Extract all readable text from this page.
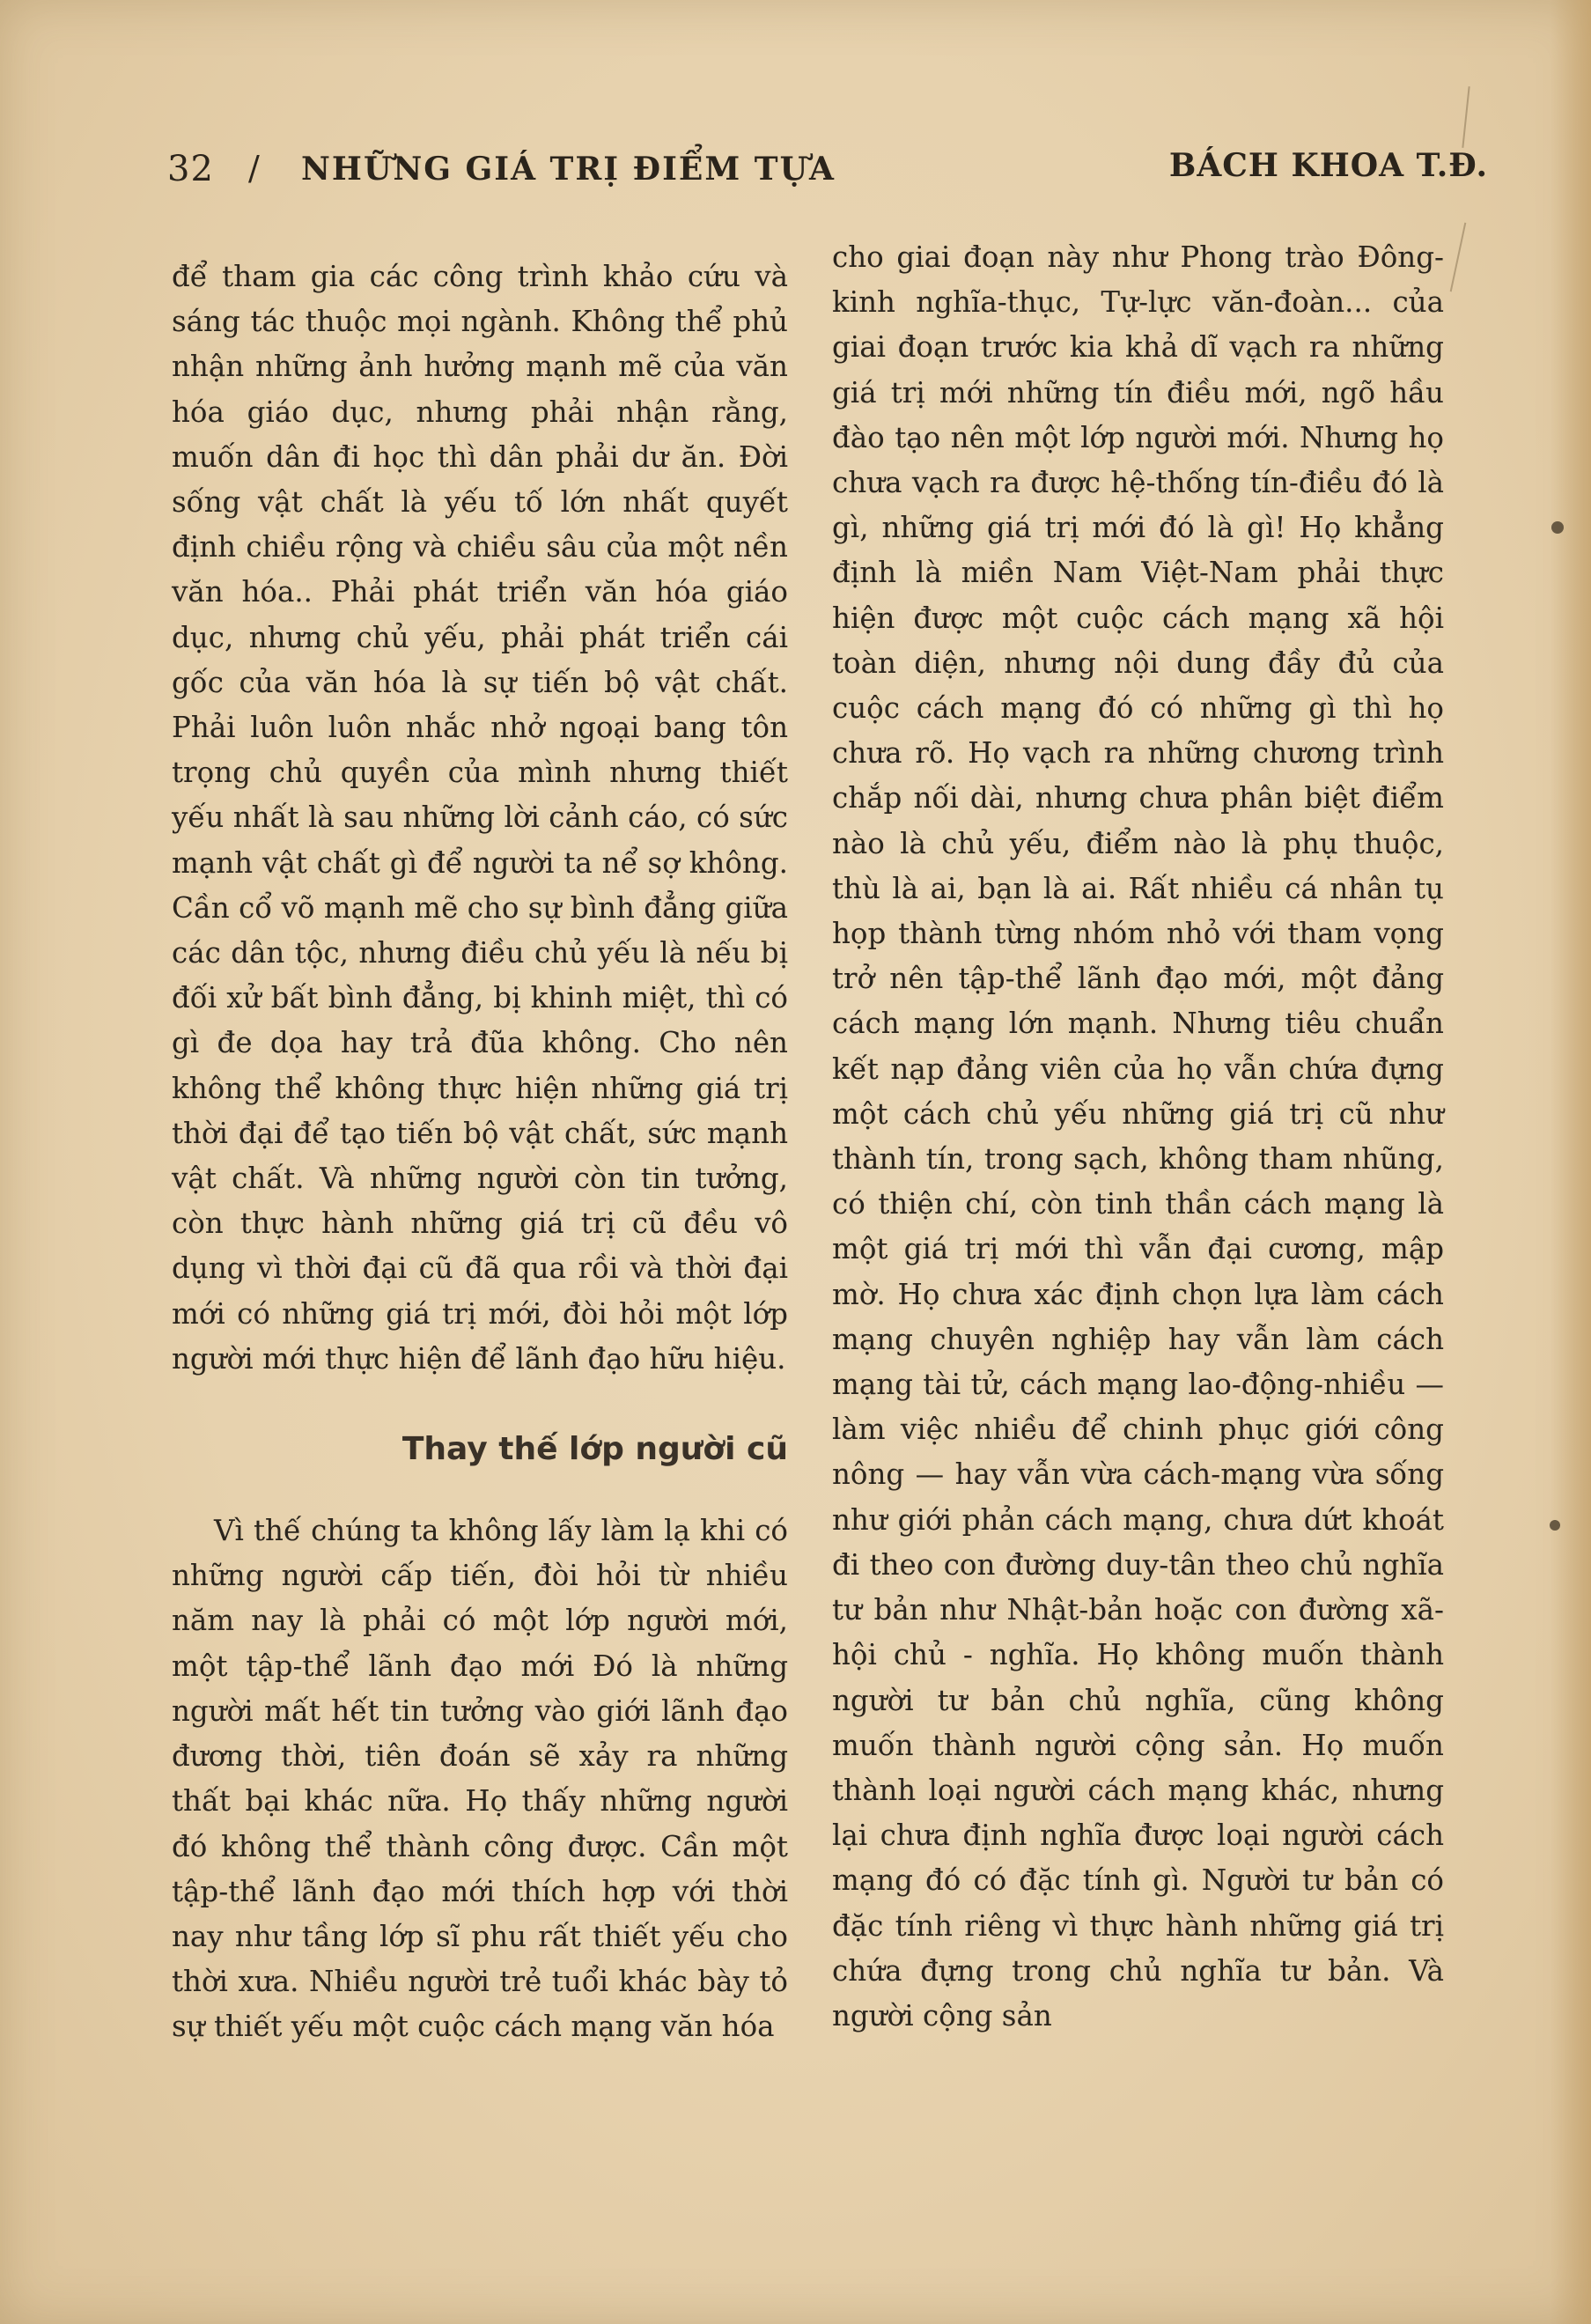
32 / NHỮNG GIÁ TRỊ ĐIỂM TỰA	BÁCH KHOA T.Đ.

để tham gia các công trình khảo cứu và sáng tác thuộc mọi ngành. Không thể phủ nhận những ảnh hưởng mạnh mẽ của văn hóa giáo dục, nhưng phải nhận rằng, muốn dân đi học thì dân phải dư ăn. Đời sống vật chất là yếu tố lớn nhất quyết định chiều rộng và chiều sâu của một nền văn hóa.. Phải phát triển văn hóa giáo dục, nhưng chủ yếu, phải phát triển cái gốc của văn hóa là sự tiến bộ vật chất. Phải luôn luôn nhắc nhở ngoại bang tôn trọng chủ quyền của mình nhưng thiết yếu nhất là sau những lời cảnh cáo, có sức mạnh vật chất gì để người ta nể sợ không. Cần cổ võ mạnh mẽ cho sự bình đẳng giữa các dân tộc, nhưng điều chủ yếu là nếu bị đối xử bất bình đẳng, bị khinh miệt, thì có gì đe dọa hay trả đũa không. Cho nên không thể không thực hiện những giá trị thời đại để tạo tiến bộ vật chất, sức mạnh vật chất. Và những người còn tin tưởng, còn thực hành những giá trị cũ đều vô dụng vì thời đại cũ đã qua rồi và thời đại mới có những giá trị mới, đòi hỏi một lớp người mới thực hiện để lãnh đạo hữu hiệu.

Thay thế lớp người cũ

Vì thế chúng ta không lấy làm lạ khi có những người cấp tiến, đòi hỏi từ nhiều năm nay là phải có một lớp người mới, một tập-thể lãnh đạo mới Đó là những người mất hết tin tưởng vào giới lãnh đạo đương thời, tiên đoán sẽ xảy ra những thất bại khác nữa. Họ thấy những người đó không thể thành công được. Cần một tập-thể lãnh đạo mới thích hợp với thời nay như tầng lớp sĩ phu rất thiết yếu cho thời xưa. Nhiều người trẻ tuổi khác bày tỏ sự thiết yếu một cuộc cách mạng văn hóa

cho giai đoạn này như Phong trào Đông-kinh nghĩa-thục, Tự-lực văn-đoàn... của giai đoạn trước kia khả dĩ vạch ra những giá trị mới những tín điều mới, ngõ hầu đào tạo nên một lớp người mới. Nhưng họ chưa vạch ra được hệ-thống tín-điều đó là gì, những giá trị mới đó là gì! Họ khẳng định là miền Nam Việt-Nam phải thực hiện được một cuộc cách mạng xã hội toàn diện, nhưng nội dung đầy đủ của cuộc cách mạng đó có những gì thì họ chưa rõ. Họ vạch ra những chương trình chắp nối dài, nhưng chưa phân biệt điểm nào là chủ yếu, điểm nào là phụ thuộc, thù là ai, bạn là ai. Rất nhiều cá nhân tụ họp thành từng nhóm nhỏ với tham vọng trở nên tập-thể lãnh đạo mới, một đảng cách mạng lớn mạnh. Nhưng tiêu chuẩn kết nạp đảng viên của họ vẫn chứa đựng một cách chủ yếu những giá trị cũ như thành tín, trong sạch, không tham nhũng, có thiện chí, còn tinh thần cách mạng là một giá trị mới thì vẫn đại cương, mập mờ. Họ chưa xác định chọn lựa làm cách mạng chuyên nghiệp hay vẫn làm cách mạng tài tử, cách mạng lao-động-nhiều — làm việc nhiều để chinh phục giới công nông — hay vẫn vừa cách-mạng vừa sống như giới phản cách mạng, chưa dứt khoát đi theo con đường duy-tân theo chủ nghĩa tư bản như Nhật-bản hoặc con đường xã-hội chủ - nghĩa. Họ không muốn thành người tư bản chủ nghĩa, cũng không muốn thành người cộng sản. Họ muốn thành loại người cách mạng khác, nhưng lại chưa định nghĩa được loại người cách mạng đó có đặc tính gì. Người tư bản có đặc tính riêng vì thực hành những giá trị chứa đựng trong chủ nghĩa tư bản. Và người cộng sản
